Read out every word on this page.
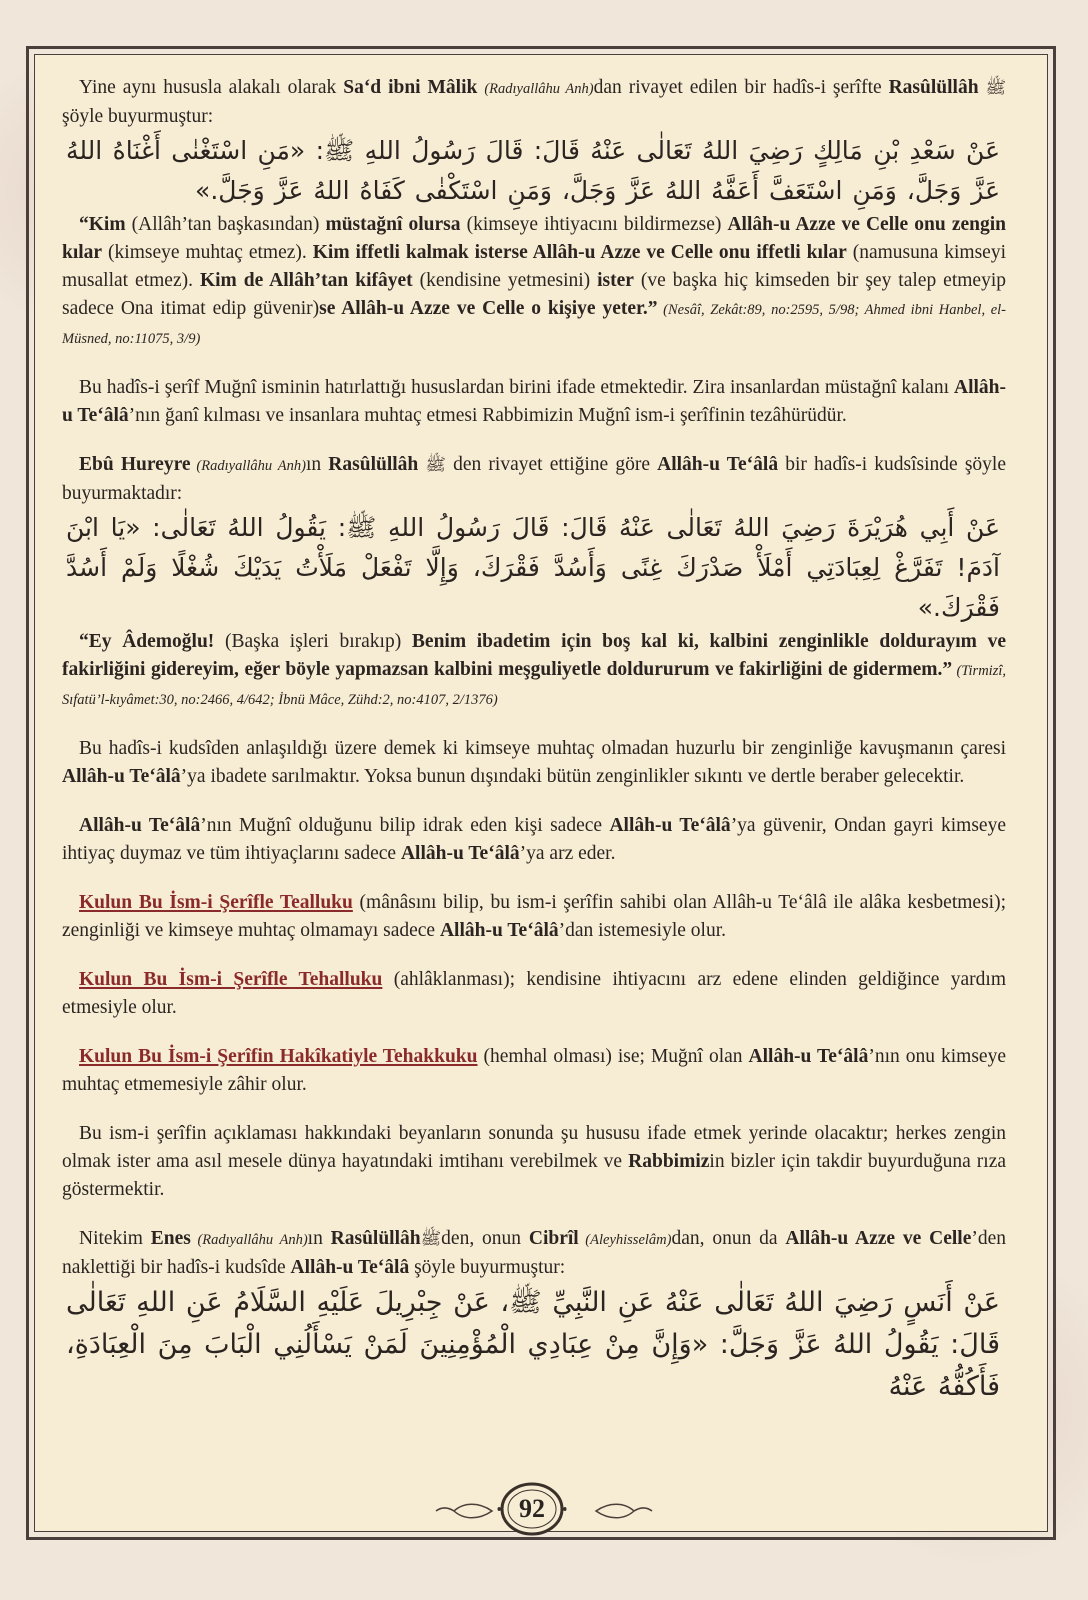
Yine aynı hususla alakalı olarak Sa‘d ibni Mâlik (Radıyallâhu Anh)dan rivayet edilen bir hadîs-i şerîfte Rasûlüllâh ﷺ şöyle buyurmuştur:

عَنْ سَعْدِ بْنِ مَالِكٍ رَضِيَ اللهُ تَعَالٰى عَنْهُ قَالَ: قَالَ رَسُولُ اللهِ ﷺ: «مَنِ اسْتَغْنٰى أَغْنَاهُ اللهُ عَزَّ وَجَلَّ، وَمَنِ اسْتَعَفَّ أَعَفَّهُ اللهُ عَزَّ وَجَلَّ، وَمَنِ اسْتَكْفٰى كَفَاهُ اللهُ عَزَّ وَجَلَّ.»

“Kim (Allâh’tan başkasından) müstağnî olursa (kimseye ihtiyacını bildirmezse) Allâh-u Azze ve Celle onu zengin kılar (kimseye muhtaç etmez). Kim iffetli kalmak isterse Allâh-u Azze ve Celle onu iffetli kılar (namusuna kimseyi musallat etmez). Kim de Allâh’tan kifâyet (kendisine yetmesini) ister (ve başka hiç kimseden bir şey talep etmeyip sadece Ona itimat edip güvenir)se Allâh-u Azze ve Celle o kişiye yeter.” (Nesâî, Zekât:89, no:2595, 5/98; Ahmed ibni Hanbel, el-Müsned, no:11075, 3/9)

Bu hadîs-i şerîf Muğnî isminin hatırlattığı hususlardan birini ifade etmektedir. Zira insanlardan müstağnî kalanı Allâh-u Te‘âlâ’nın ğanî kılması ve insanlara muhtaç etmesi Rabbimizin Muğnî ism-i şerîfinin tezâhürüdür.

Ebû Hureyre (Radıyallâhu Anh)ın Rasûlüllâh ﷺ den rivayet ettiğine göre Allâh-u Te‘âlâ bir hadîs-i kudsîsinde şöyle buyurmaktadır:

عَنْ أَبِي هُرَيْرَةَ رَضِيَ اللهُ تَعَالٰى عَنْهُ قَالَ: قَالَ رَسُولُ اللهِ ﷺ: يَقُولُ اللهُ تَعَالٰى: «يَا ابْنَ آدَمَ! تَفَرَّغْ لِعِبَادَتِي أَمْلَأْ صَدْرَكَ غِنًى وَأَسُدَّ فَقْرَكَ، وَإِلَّا تَفْعَلْ مَلَأْتُ يَدَيْكَ شُغْلًا وَلَمْ أَسُدَّ فَقْرَكَ.»

“Ey Âdemoğlu! (Başka işleri bırakıp) Benim ibadetim için boş kal ki, kalbini zenginlikle doldurayım ve fakirliğini gidereyim, eğer böyle yapmazsan kalbini meşguliyetle doldururum ve fakirliğini de gidermem.” (Tirmizî, Sıfatü’l-kıyâmet:30, no:2466, 4/642; İbnü Mâce, Zühd:2, no:4107, 2/1376)

Bu hadîs-i kudsîden anlaşıldığı üzere demek ki kimseye muhtaç olmadan huzurlu bir zenginliğe kavuşmanın çaresi Allâh-u Te‘âlâ’ya ibadete sarılmaktır. Yoksa bunun dışındaki bütün zenginlikler sıkıntı ve dertle beraber gelecektir.

Allâh-u Te‘âlâ’nın Muğnî olduğunu bilip idrak eden kişi sadece Allâh-u Te‘âlâ’ya güvenir, Ondan gayri kimseye ihtiyaç duymaz ve tüm ihtiyaçlarını sadece Allâh-u Te‘âlâ’ya arz eder.

Kulun Bu İsm-i Şerîfle Tealluku (mânâsını bilip, bu ism-i şerîfin sahibi olan Allâh-u Te‘âlâ ile alâka kesbetmesi); zenginliği ve kimseye muhtaç olmamayı sadece Allâh-u Te‘âlâ’dan istemesiyle olur.

Kulun Bu İsm-i Şerîfle Tehalluku (ahlâklanması); kendisine ihtiyacını arz edene elinden geldiğince yardım etmesiyle olur.

Kulun Bu İsm-i Şerîfin Hakîkatiyle Tehakkuku (hemhal olması) ise; Muğnî olan Allâh-u Te‘âlâ’nın onu kimseye muhtaç etmemesiyle zâhir olur.

Bu ism-i şerîfin açıklaması hakkındaki beyanların sonunda şu hususu ifade etmek yerinde olacaktır; herkes zengin olmak ister ama asıl mesele dünya hayatındaki imtihanı verebilmek ve Rabbimizin bizler için takdir buyurduğuna rıza göstermektir.

Nitekim Enes (Radıyallâhu Anh)ın Rasûlüllâhﷺden, onun Cibrîl (Aleyhisselâm)dan, onun da Allâh-u Azze ve Celle’den naklettiği bir hadîs-i kudsîde Allâh-u Te‘âlâ şöyle buyurmuştur:

عَنْ أَنَسٍ رَضِيَ اللهُ تَعَالٰى عَنْهُ عَنِ النَّبِيِّ ﷺ، عَنْ جِبْرِيلَ عَلَيْهِ السَّلَامُ عَنِ اللهِ تَعَالٰى قَالَ: يَقُولُ اللهُ عَزَّ وَجَلَّ: «وَإِنَّ مِنْ عِبَادِي الْمُؤْمِنِينَ لَمَنْ يَسْأَلُنِي الْبَابَ مِنَ الْعِبَادَةِ، فَأَكُفُّهُ عَنْهُ

92
